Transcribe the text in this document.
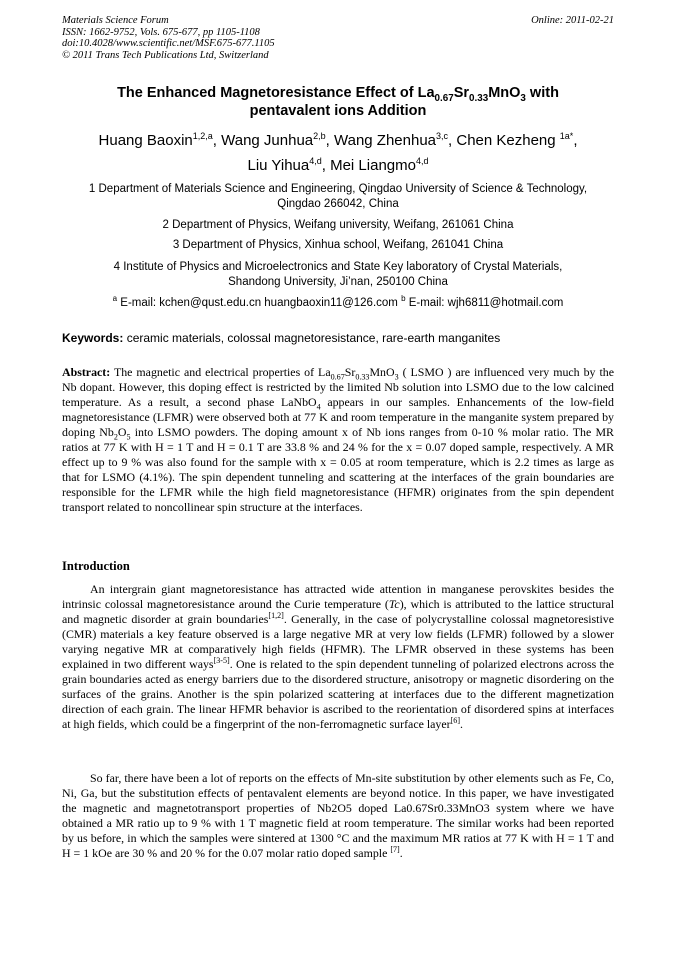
Materials Science Forum
ISSN: 1662-9752, Vols. 675-677, pp 1105-1108
doi:10.4028/www.scientific.net/MSF.675-677.1105
© 2011 Trans Tech Publications Ltd, Switzerland
Online: 2011-02-21
The Enhanced Magnetoresistance Effect of $La_{0.67}Sr_{0.33}MnO_3$ with
pentavalent ions Addition
Huang Baoxin$^{1,2,a}$, Wang Junhua$^{2,b}$, Wang Zhenhua$^{3,c}$, Chen Kezheng $^{1a*}$,
Liu Yihua$^{4,d}$, Mei Liangmo$^{4,d}$
1 Department of Materials Science and Engineering, Qingdao University of Science & Technology,
Qingdao 266042, China
2 Department of Physics, Weifang university, Weifang, 261061 China
3 Department of Physics, Xinhua school, Weifang, 261041 China
4 Institute of Physics and Microelectronics and State Key laboratory of Crystal Materials,
Shandong University, Ji’nan, 250100 China
$^a$ E-mail: kchen@qust.edu.cn huangbaoxin11@126.com $^b$ E-mail: wjh6811@hotmail.com
Keywords: ceramic materials, colossal magnetoresistance, rare-earth manganites
Abstract: The magnetic and electrical properties of $La_{0.67}Sr_{0.33}MnO_3$ ( LSMO ) are influenced very much by the Nb dopant. However, this doping effect is restricted by the limited Nb solution into LSMO due to the low calcined temperature. As a result, a second phase LaNbO$_4$ appears in our samples. Enhancements of the low-field magnetoresistance (LFMR) were observed both at 77 K and room temperature in the manganite system prepared by doping $Nb_2O_5$ into LSMO powders. The doping amount x of Nb ions ranges from 0-10 % molar ratio. The MR ratios at 77 K with H = 1 T and H = 0.1 T are 33.8 % and 24 % for the x = 0.07 doped sample, respectively. A MR effect up to 9 % was also found for the sample with x = 0.05 at room temperature, which is 2.2 times as large as that for LSMO (4.1%). The spin dependent tunneling and scattering at the interfaces of the grain boundaries are responsible for the LFMR while the high field magnetoresistance (HFMR) originates from the spin dependent transport related to noncollinear spin structure at the interfaces.
Introduction
An intergrain giant magnetoresistance has attracted wide attention in manganese perovskites besides the intrinsic colossal magnetoresistance around the Curie temperature (Tc), which is attributed to the lattice structural and magnetic disorder at grain boundaries[1,2]. Generally, in the case of polycrystalline colossal magnetoresistive (CMR) materials a key feature observed is a large negative MR at very low fields (LFMR) followed by a slower varying negative MR at comparatively high fields (HFMR). The LFMR observed in these systems has been explained in two different ways[3-5]. One is related to the spin dependent tunneling of polarized electrons across the grain boundaries acted as energy barriers due to the disordered structure, anisotropy or magnetic disordering on the surfaces of the grains. Another is the spin polarized scattering at interfaces due to the different magnetization direction of each grain. The linear HFMR behavior is ascribed to the reorientation of disordered spins at interfaces at high fields, which could be a fingerprint of the non-ferromagnetic surface layer[6].
So far, there have been a lot of reports on the effects of Mn-site substitution by other elements such as Fe, Co, Ni, Ga, but the substitution effects of pentavalent elements are beyond notice. In this paper, we have investigated the magnetic and magnetotransport properties of Nb2O5 doped La0.67Sr0.33MnO3 system where we have obtained a MR ratio up to 9 % with 1 T magnetic field at room temperature. The similar works had been reported by us before, in which the samples were sintered at 1300 °C and the maximum MR ratios at 77 K with H = 1 T and H = 1 kOe are 30 % and 20 % for the 0.07 molar ratio doped sample [7].
